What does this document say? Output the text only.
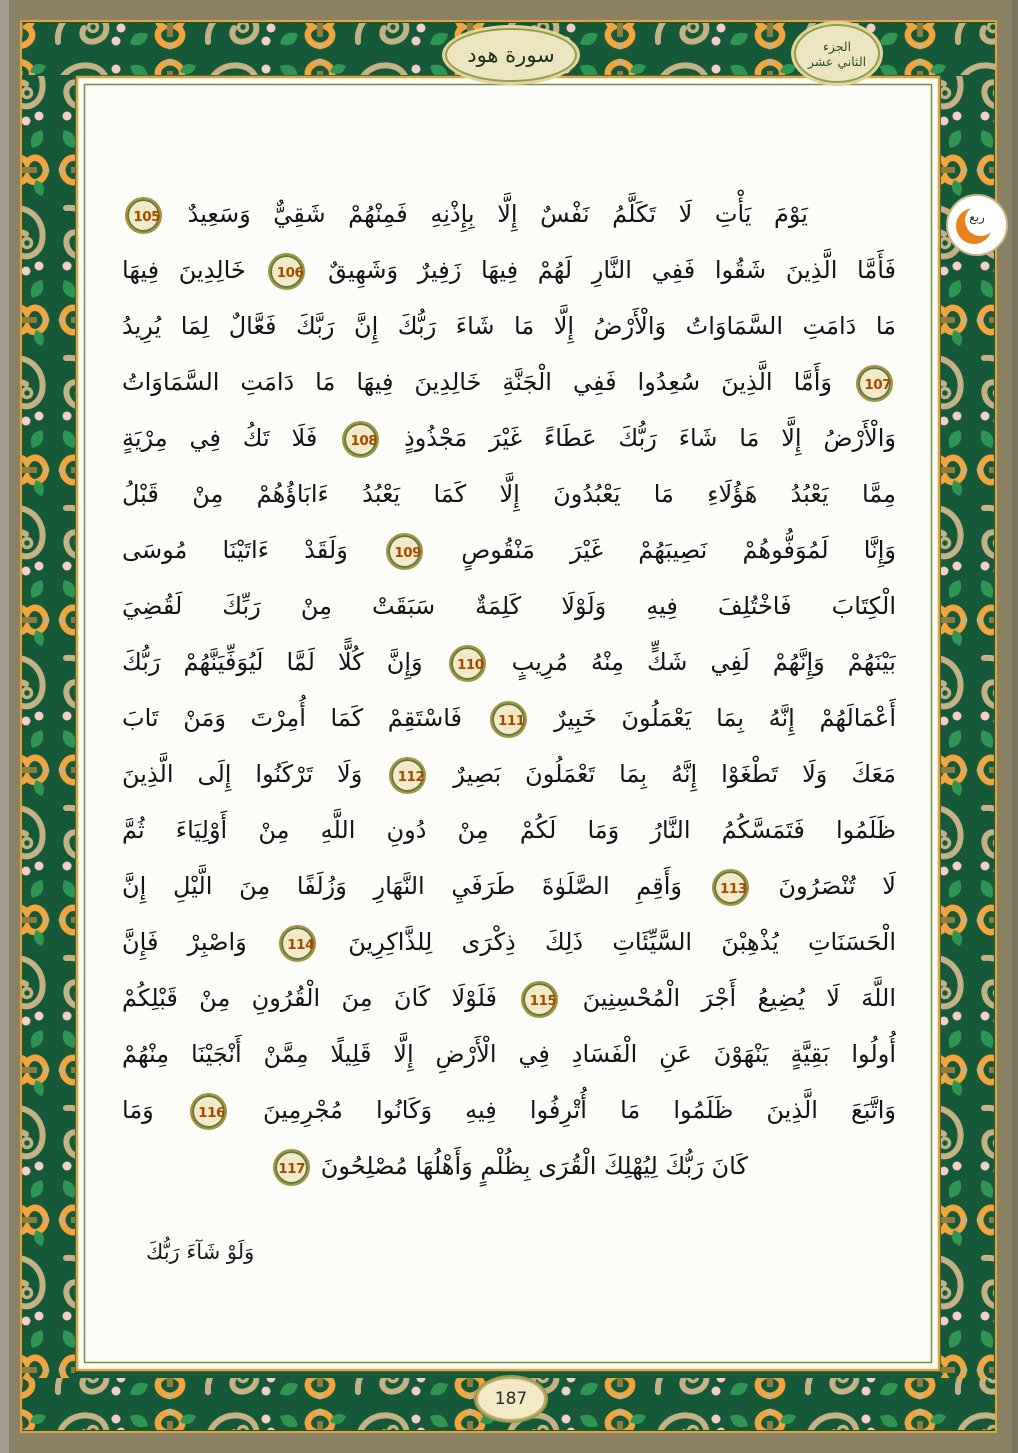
سورة هود	الجزء
الثاني عشر
ربع
يَوْمَ يَأْتِ لَا تَكَلَّمُ نَفْسٌ إِلَّا بِإِذْنِهِ فَمِنْهُمْ شَقِيٌّ وَسَعِيدٌ 105
فَأَمَّا الَّذِينَ شَقُوا فَفِي النَّارِ لَهُمْ فِيهَا زَفِيرٌ وَشَهِيقٌ 106 خَالِدِينَ فِيهَا
مَا دَامَتِ السَّمَاوَاتُ وَالْأَرْضُ إِلَّا مَا شَاءَ رَبُّكَ إِنَّ رَبَّكَ فَعَّالٌ لِمَا يُرِيدُ
107 وَأَمَّا الَّذِينَ سُعِدُوا فَفِي الْجَنَّةِ خَالِدِينَ فِيهَا مَا دَامَتِ السَّمَاوَاتُ
وَالْأَرْضُ إِلَّا مَا شَاءَ رَبُّكَ عَطَاءً غَيْرَ مَجْذُوذٍ 108 فَلَا تَكُ فِي مِرْيَةٍ
مِمَّا يَعْبُدُ هَؤُلَاءِ مَا يَعْبُدُونَ إِلَّا كَمَا يَعْبُدُ ءَابَاؤُهُمْ مِنْ قَبْلُ
وَإِنَّا لَمُوَفُّوهُمْ نَصِيبَهُمْ غَيْرَ مَنْقُوصٍ 109 وَلَقَدْ ءَاتَيْنَا مُوسَى
الْكِتَابَ فَاخْتُلِفَ فِيهِ وَلَوْلَا كَلِمَةٌ سَبَقَتْ مِنْ رَبِّكَ لَقُضِيَ
بَيْنَهُمْ وَإِنَّهُمْ لَفِي شَكٍّ مِنْهُ مُرِيبٍ 110 وَإِنَّ كُلًّا لَمَّا لَيُوَفِّيَنَّهُمْ رَبُّكَ
أَعْمَالَهُمْ إِنَّهُ بِمَا يَعْمَلُونَ خَبِيرٌ 111 فَاسْتَقِمْ كَمَا أُمِرْتَ وَمَنْ تَابَ
مَعَكَ وَلَا تَطْغَوْا إِنَّهُ بِمَا تَعْمَلُونَ بَصِيرٌ 112 وَلَا تَرْكَنُوا إِلَى الَّذِينَ
ظَلَمُوا فَتَمَسَّكُمُ النَّارُ وَمَا لَكُمْ مِنْ دُونِ اللَّهِ مِنْ أَوْلِيَاءَ ثُمَّ
لَا تُنْصَرُونَ 113 وَأَقِمِ الصَّلَوٰةَ طَرَفَيِ النَّهَارِ وَزُلَفًا مِنَ الَّيْلِ إِنَّ
الْحَسَنَاتِ يُذْهِبْنَ السَّيِّئَاتِ ذَلِكَ ذِكْرَى لِلذَّاكِرِينَ 114 وَاصْبِرْ فَإِنَّ
اللَّهَ لَا يُضِيعُ أَجْرَ الْمُحْسِنِينَ 115 فَلَوْلَا كَانَ مِنَ الْقُرُونِ مِنْ قَبْلِكُمْ
أُولُوا بَقِيَّةٍ يَنْهَوْنَ عَنِ الْفَسَادِ فِي الْأَرْضِ إِلَّا قَلِيلًا مِمَّنْ أَنْجَيْنَا مِنْهُمْ
وَاتَّبَعَ الَّذِينَ ظَلَمُوا مَا أُتْرِفُوا فِيهِ وَكَانُوا مُجْرِمِينَ 116 وَمَا
كَانَ رَبُّكَ لِيُهْلِكَ الْقُرَى بِظُلْمٍ وَأَهْلُهَا مُصْلِحُونَ 117
وَلَوْ شَآءَ رَبُّكَ
187
